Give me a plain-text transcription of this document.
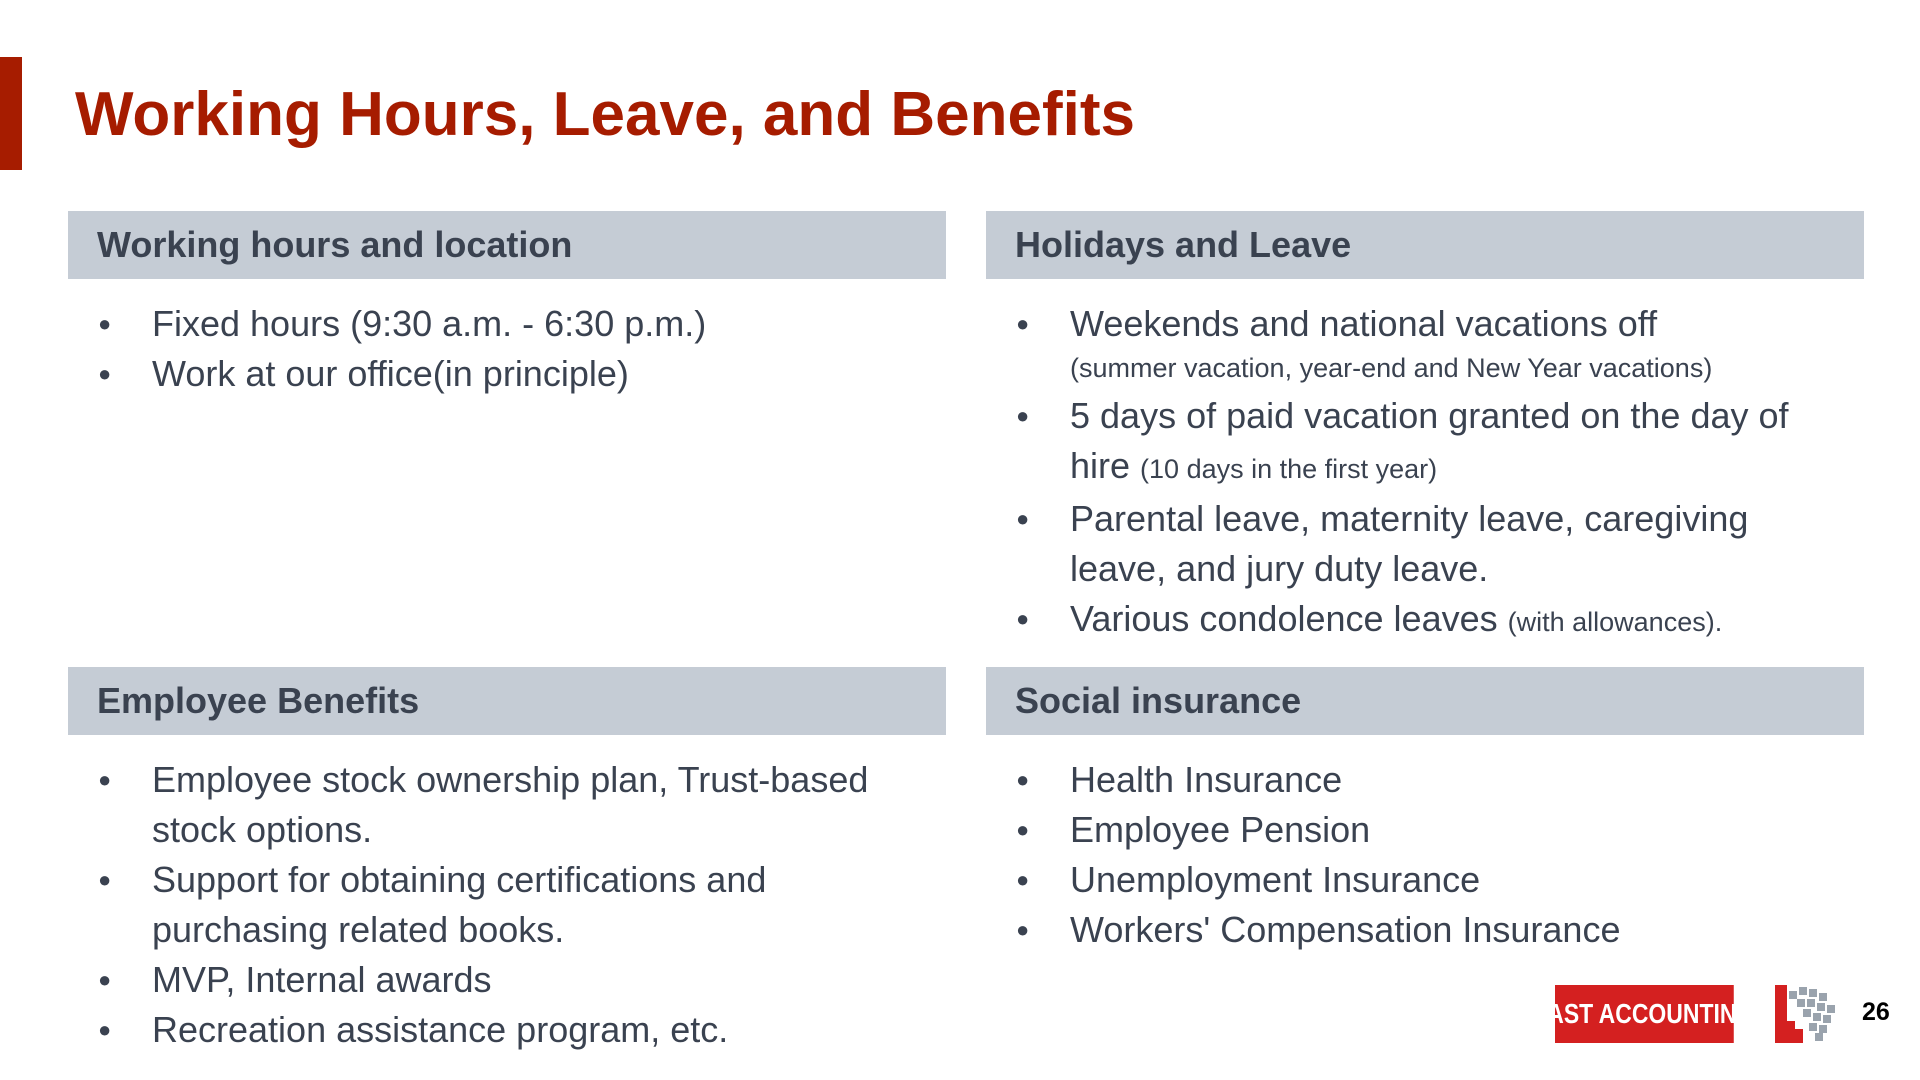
Working Hours, Leave, and Benefits
Working hours and location
● Fixed hours (9:30 a.m. - 6:30 p.m.)
● Work at our office(in principle)
Holidays and Leave
● Weekends and national vacations off
(summer vacation, year-end and New Year vacations)
● 5 days of paid vacation granted on the day of hire (10 days in the first year)
● Parental leave, maternity leave, caregiving leave, and jury duty leave.
● Various condolence leaves (with allowances).
Employee Benefits
● Employee stock ownership plan, Trust-based stock options.
● Support for obtaining certifications and purchasing related books.
● MVP, Internal awards
● Recreation assistance program, etc.
Social insurance
● Health Insurance
● Employee Pension
● Unemployment Insurance
● Workers' Compensation Insurance
FAST ACCOUNTING	26
